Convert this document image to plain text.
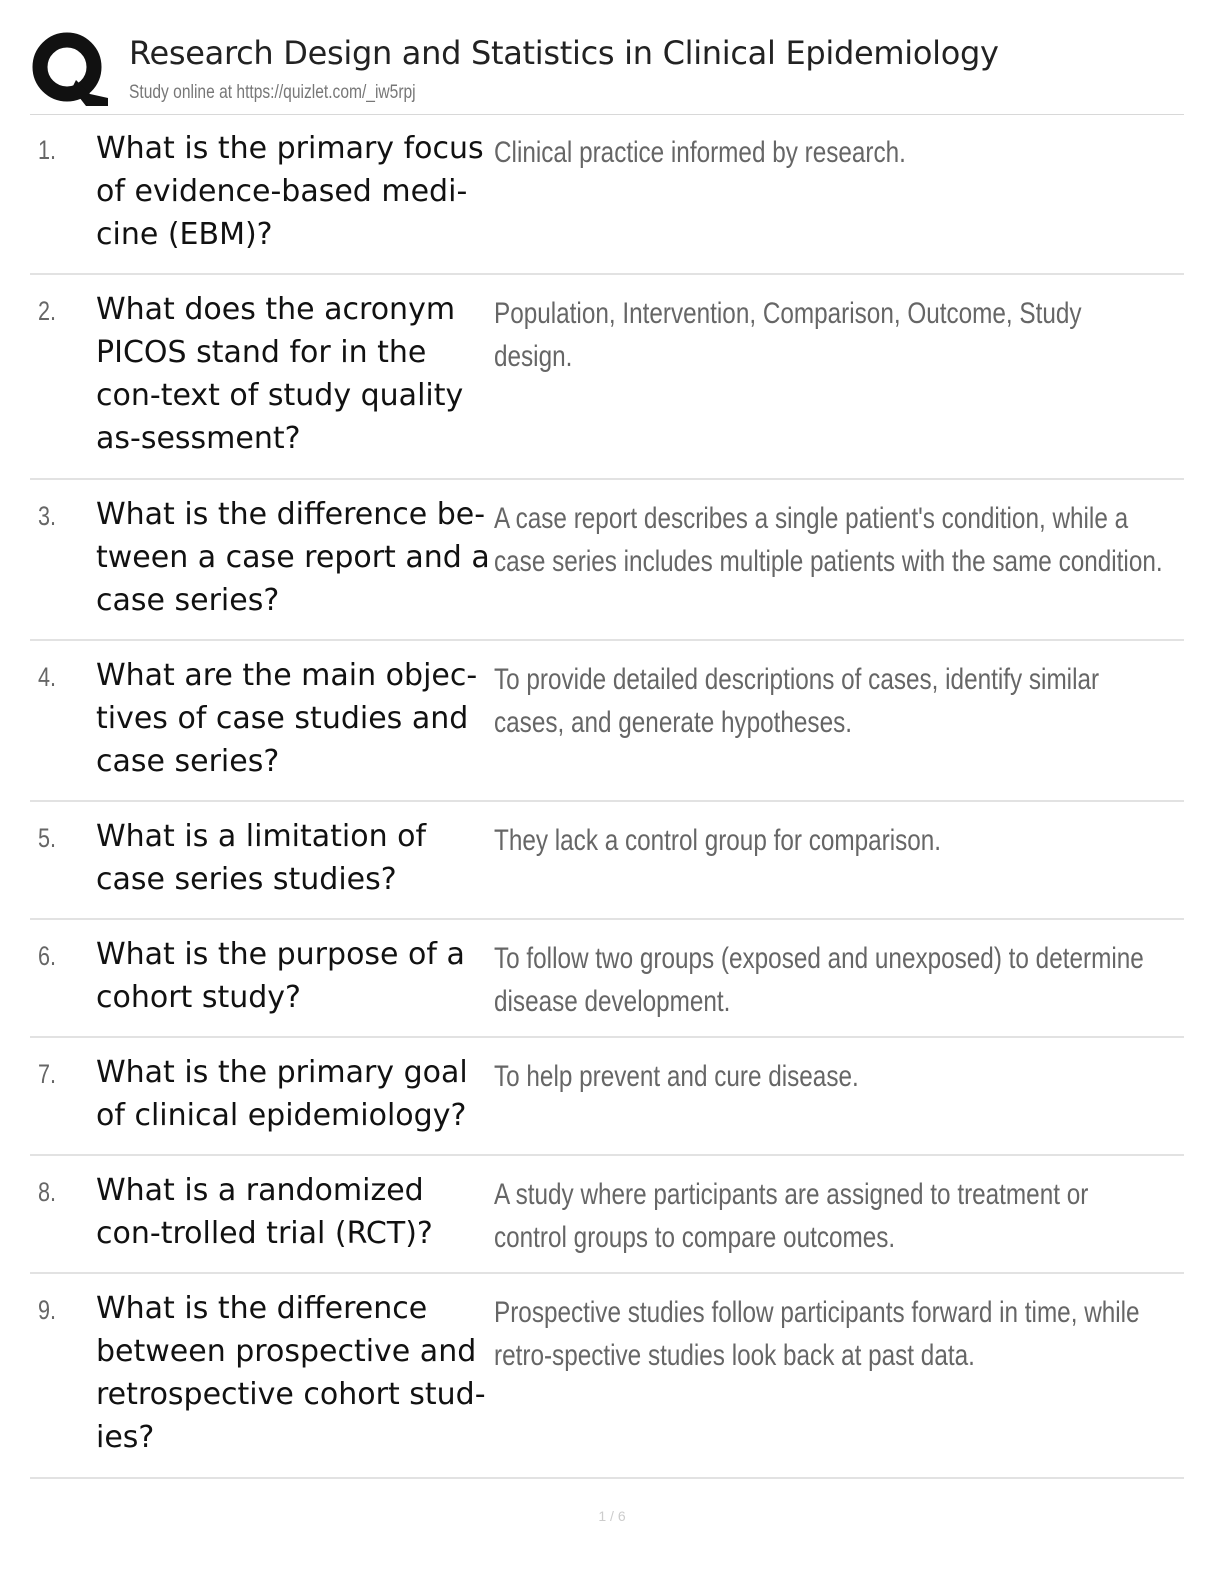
Research Design and Statistics in Clinical Epidemiology
Study online at https://quizlet.com/_iw5rpj
1. What is the primary focus of evidence-based medi-cine (EBM)?
Clinical practice informed by research.
2. What does the acronym PICOS stand for in the con-text of study quality as-sessment?
Population, Intervention, Comparison, Outcome, Study design.
3. What is the difference be-tween a case report and a case series?
A case report describes a single patient's condition, while a case series includes multiple patients with the same condition.
4. What are the main objec-tives of case studies and case series?
To provide detailed descriptions of cases, identify similar cases, and generate hypotheses.
5. What is a limitation of case series studies?
They lack a control group for comparison.
6. What is the purpose of a cohort study?
To follow two groups (exposed and unexposed) to determine disease development.
7. What is the primary goal of clinical epidemiology?
To help prevent and cure disease.
8. What is a randomized con-trolled trial (RCT)?
A study where participants are assigned to treatment or control groups to compare outcomes.
9. What is the difference between prospective and retrospective cohort stud-ies?
Prospective studies follow participants forward in time, while retro-spective studies look back at past data.
1 / 6
